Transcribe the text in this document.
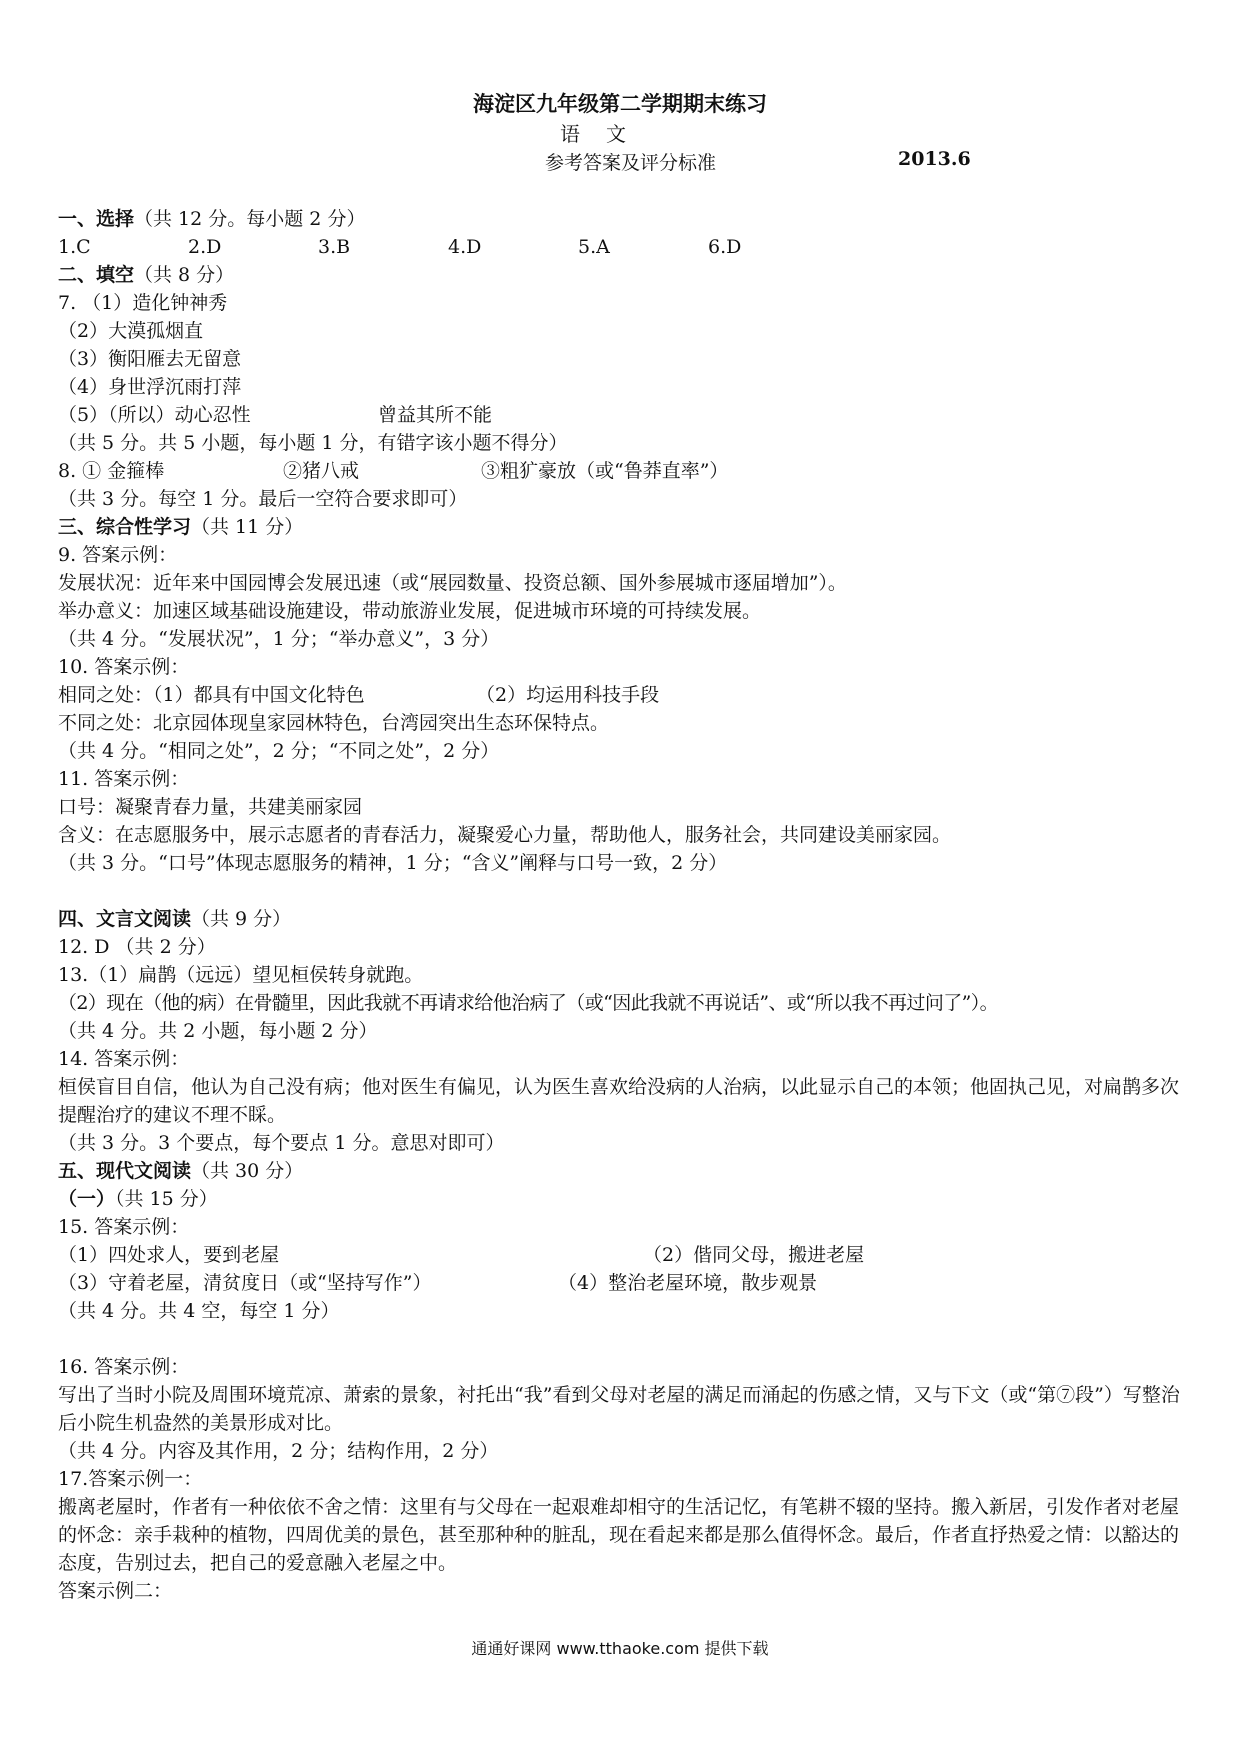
海淀区九年级第二学期期末练习
语文
参考答案及评分标准	2013.6
一、选择（共 12 分。每小题 2 分）
1.C	2.D	3.B	4.D	5.A	6.D
二、填空（共 8 分）
7. （1）造化钟神秀
（2）大漠孤烟直
（3）衡阳雁去无留意
（4）身世浮沉雨打萍
（5）（所以）动心忍性	曾益其所不能
（共 5 分。共 5 小题，每小题 1 分，有错字该小题不得分）
8. ① 金箍棒	②猪八戒	③粗犷豪放（或“鲁莽直率”）
（共 3 分。每空 1 分。最后一空符合要求即可）
三、综合性学习（共 11 分）
9. 答案示例：
发展状况：近年来中国园博会发展迅速（或“展园数量、投资总额、国外参展城市逐届增加”）。
举办意义：加速区域基础设施建设，带动旅游业发展，促进城市环境的可持续发展。
（共 4 分。“发展状况”，1 分；“举办意义”，3 分）
10. 答案示例：
相同之处：（1）都具有中国文化特色	（2）均运用科技手段
不同之处：北京园体现皇家园林特色，台湾园突出生态环保特点。
（共 4 分。“相同之处”，2 分；“不同之处”，2 分）
11. 答案示例：
口号：凝聚青春力量，共建美丽家园
含义：在志愿服务中，展示志愿者的青春活力，凝聚爱心力量，帮助他人，服务社会，共同建设美丽家园。
（共 3 分。“口号”体现志愿服务的精神，1 分；“含义”阐释与口号一致，2 分）
四、文言文阅读（共 9 分）
12. D （共 2 分）
13.（1）扁鹊（远远）望见桓侯转身就跑。
（2）现在（他的病）在骨髓里，因此我就不再请求给他治病了（或“因此我就不再说话”、或“所以我不再过问了”）。
（共 4 分。共 2 小题，每小题 2 分）
14. 答案示例：
桓侯盲目自信，他认为自己没有病；他对医生有偏见，认为医生喜欢给没病的人治病，以此显示自己的本领；他固执己见，对扁鹊多次提醒治疗的建议不理不睬。
（共 3 分。3 个要点，每个要点 1 分。意思对即可）
五、现代文阅读（共 30 分）
（一）（共 15 分）
15. 答案示例：
（1）四处求人，要到老屋	（2）偕同父母，搬进老屋
（3）守着老屋，清贫度日（或“坚持写作”）	（4）整治老屋环境，散步观景
（共 4 分。共 4 空，每空 1 分）
16. 答案示例：
写出了当时小院及周围环境荒凉、萧索的景象，衬托出“我”看到父母对老屋的满足而涌起的伤感之情，又与下文（或“第⑦段”）写整治后小院生机盎然的美景形成对比。
（共 4 分。内容及其作用，2 分；结构作用，2 分）
17.答案示例一：
搬离老屋时，作者有一种依依不舍之情：这里有与父母在一起艰难却相守的生活记忆，有笔耕不辍的坚持。搬入新居，引发作者对老屋的怀念：亲手栽种的植物，四周优美的景色，甚至那种种的脏乱，现在看起来都是那么值得怀念。最后，作者直抒热爱之情：以豁达的态度，告别过去，把自己的爱意融入老屋之中。
答案示例二：
通通好课网 www.tthaoke.com 提供下载
